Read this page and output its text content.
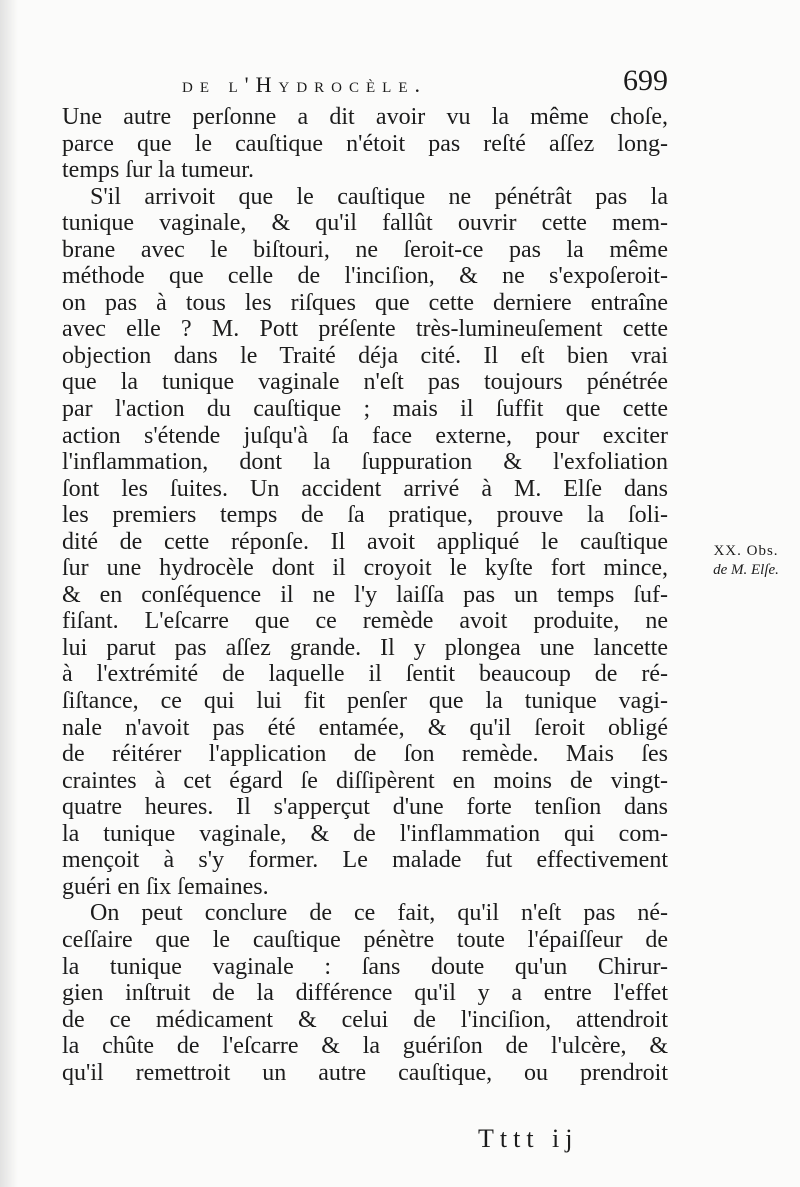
de l'Hydrocèle.	699
Une autre perſonne a dit avoir vu la même choſe,
parce que le cauſtique n'étoit pas reſté aſſez long-
temps ſur la tumeur.
S'il arrivoit que le cauſtique ne pénétrât pas la
tunique vaginale, & qu'il fallût ouvrir cette mem-
brane avec le biſtouri, ne ſeroit-ce pas la même
méthode que celle de l'inciſion, & ne s'expoſeroit-
on pas à tous les riſques que cette derniere entraîne
avec elle ? M. Pott préſente très-lumineuſement cette
objection dans le Traité déja cité. Il eſt bien vrai
que la tunique vaginale n'eſt pas toujours pénétrée
par l'action du cauſtique ; mais il ſuffit que cette
action s'étende juſqu'à ſa face externe, pour exciter
l'inflammation, dont la ſuppuration & l'exfoliation
ſont les ſuites. Un accident arrivé à M. Elſe dans
les premiers temps de ſa pratique, prouve la ſoli-
dité de cette réponſe. Il avoit appliqué le cauſtique
ſur une hydrocèle dont il croyoit le kyſte fort mince,
& en conſéquence il ne l'y laiſſa pas un temps ſuf-
fiſant. L'eſcarre que ce remède avoit produite, ne
lui parut pas aſſez grande. Il y plongea une lancette
à l'extrémité de laquelle il ſentit beaucoup de ré-
ſiſtance, ce qui lui fit penſer que la tunique vagi-
nale n'avoit pas été entamée, & qu'il ſeroit obligé
de réitérer l'application de ſon remède. Mais ſes
craintes à cet égard ſe diſſipèrent en moins de vingt-
quatre heures. Il s'apperçut d'une forte tenſion dans
la tunique vaginale, & de l'inflammation qui com-
mençoit à s'y former. Le malade fut effectivement
guéri en ſix ſemaines.
On peut conclure de ce fait, qu'il n'eſt pas né-
ceſſaire que le cauſtique pénètre toute l'épaiſſeur de
la tunique vaginale : ſans doute qu'un Chirur-
gien inſtruit de la différence qu'il y a entre l'effet
de ce médicament & celui de l'inciſion, attendroit
la chûte de l'eſcarre & la guériſon de l'ulcère, &
qu'il remettroit un autre cauſtique, ou prendroit
XX. Obs.
de M. Elſe.
Tttt ij
